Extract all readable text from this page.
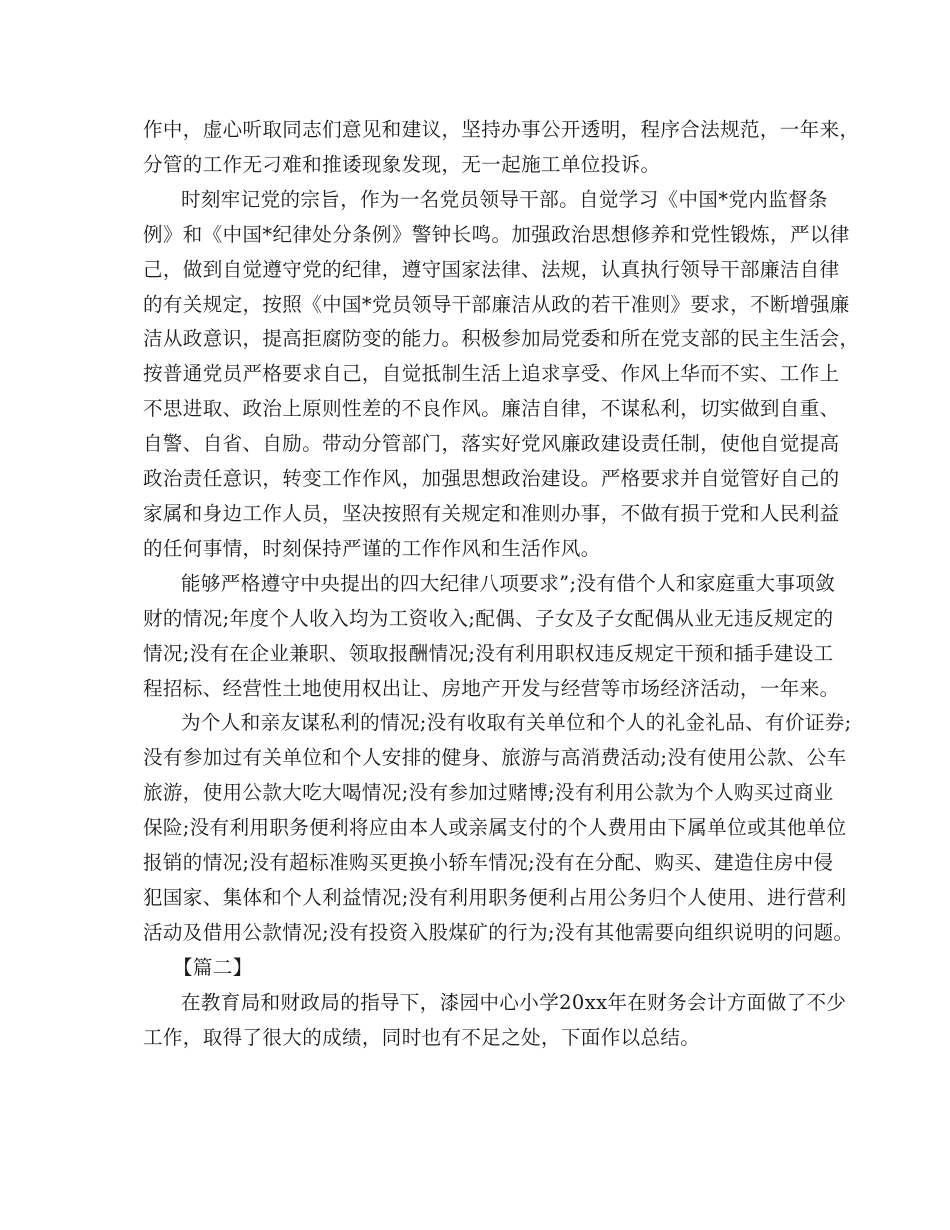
作中，虚心听取同志们意见和建议，坚持办事公开透明，程序合法规范，一年来，
分管的工作无刁难和推诿现象发现，无一起施工单位投诉。

时刻牢记党的宗旨，作为一名党员领导干部。自觉学习《中国*党内监督条
例》和《中国*纪律处分条例》警钟长鸣。加强政治思想修养和党性锻炼，严以律
己，做到自觉遵守党的纪律，遵守国家法律、法规，认真执行领导干部廉洁自律
的有关规定，按照《中国*党员领导干部廉洁从政的若干准则》要求，不断增强廉
洁从政意识，提高拒腐防变的能力。积极参加局党委和所在党支部的民主生活会，
按普通党员严格要求自己，自觉抵制生活上追求享受、作风上华而不实、工作上
不思进取、政治上原则性差的不良作风。廉洁自律，不谋私利，切实做到自重、
自警、自省、自励。带动分管部门，落实好党风廉政建设责任制，使他自觉提高
政治责任意识，转变工作作风，加强思想政治建设。严格要求并自觉管好自己的
家属和身边工作人员，坚决按照有关规定和准则办事，不做有损于党和人民利益
的任何事情，时刻保持严谨的工作作风和生活作风。

能够严格遵守中央提出的四大纪律八项要求”;没有借个人和家庭重大事项敛
财的情况;年度个人收入均为工资收入;配偶、子女及子女配偶从业无违反规定的
情况;没有在企业兼职、领取报酬情况;没有利用职权违反规定干预和插手建设工
程招标、经营性土地使用权出让、房地产开发与经营等市场经济活动，一年来。

为个人和亲友谋私利的情况;没有收取有关单位和个人的礼金礼品、有价证券;
没有参加过有关单位和个人安排的健身、旅游与高消费活动;没有使用公款、公车
旅游，使用公款大吃大喝情况;没有参加过赌博;没有利用公款为个人购买过商业
保险;没有利用职务便利将应由本人或亲属支付的个人费用由下属单位或其他单位
报销的情况;没有超标准购买更换小轿车情况;没有在分配、购买、建造住房中侵
犯国家、集体和个人利益情况;没有利用职务便利占用公务归个人使用、进行营利
活动及借用公款情况;没有投资入股煤矿的行为;没有其他需要向组织说明的问题。

【篇二】

在教育局和财政局的指导下，漆园中心小学20xx年在财务会计方面做了不少
工作，取得了很大的成绩，同时也有不足之处，下面作以总结。
